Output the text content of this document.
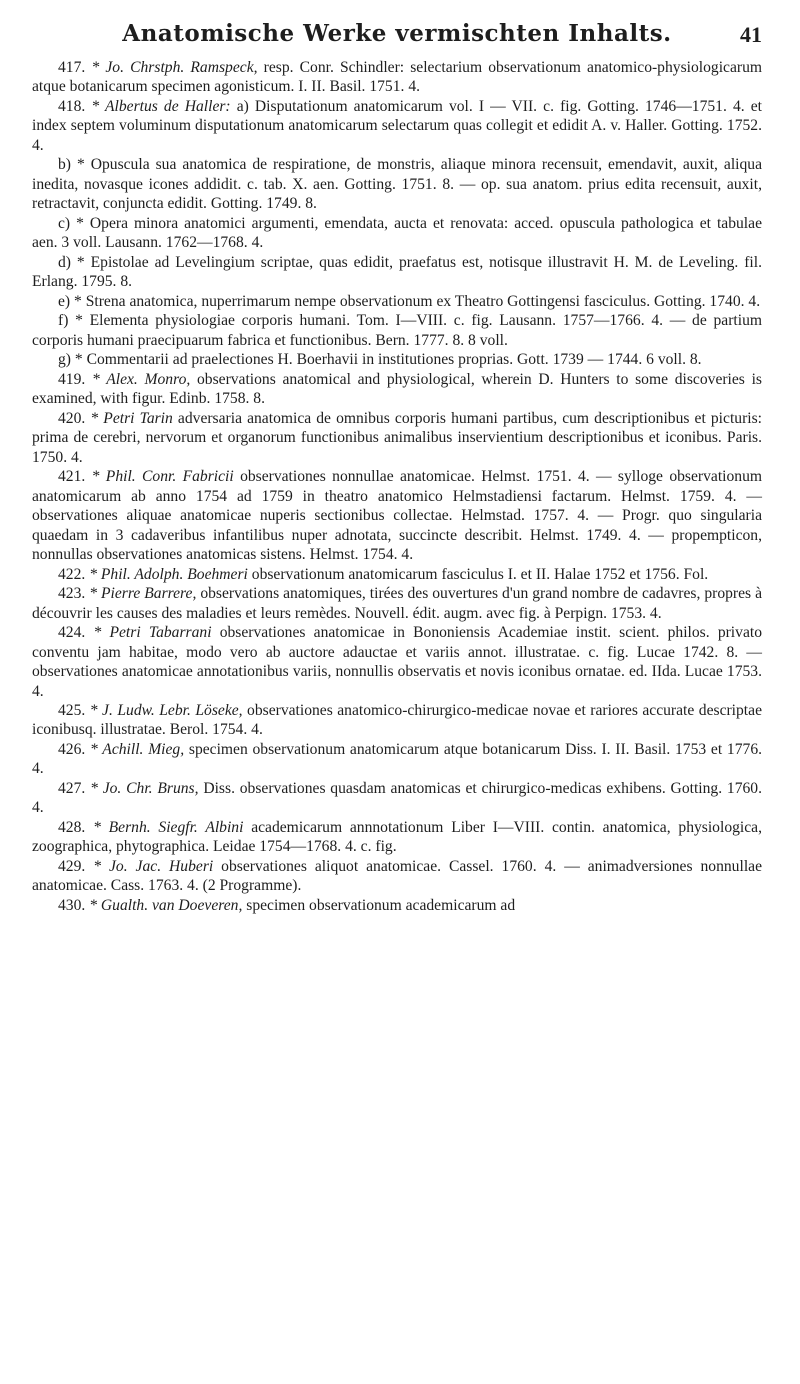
Anatomische Werke vermischten Inhalts.	41

417. * Jo. Chrstph. Ramspeck, resp. Conr. Schindler: selectarium observationum anatomico-physiologicarum atque botanicarum specimen agonisticum. I. II. Basil. 1751. 4.

418. * Albertus de Haller: a) Disputationum anatomicarum vol. I — VII. c. fig. Gotting. 1746—1751. 4. et index septem voluminum disputationum anatomicarum selectarum quas collegit et edidit A. v. Haller. Gotting. 1752. 4.

b) * Opuscula sua anatomica de respiratione, de monstris, aliaque minora recensuit, emendavit, auxit, aliqua inedita, novasque icones addidit. c. tab. X. aen. Gotting. 1751. 8. — op. sua anatom. prius edita recensuit, auxit, retractavit, conjuncta edidit. Gotting. 1749. 8.

c) * Opera minora anatomici argumenti, emendata, aucta et renovata: acced. opuscula pathologica et tabulae aen. 3 voll. Lausann. 1762—1768. 4.

d) * Epistolae ad Levelingium scriptae, quas edidit, praefatus est, notisque illustravit H. M. de Leveling. fil. Erlang. 1795. 8.

e) * Strena anatomica, nuperrimarum nempe observationum ex Theatro Gottingensi fasciculus. Gotting. 1740. 4.

f) * Elementa physiologiae corporis humani. Tom. I—VIII. c. fig. Lausann. 1757—1766. 4. — de partium corporis humani praecipuarum fabrica et functionibus. Bern. 1777. 8. 8 voll.

g) * Commentarii ad praelectiones H. Boerhavii in institutiones proprias. Gott. 1739 — 1744. 6 voll. 8.

419. * Alex. Monro, observations anatomical and physiological, wherein D. Hunters to some discoveries is examined, with figur. Edinb. 1758. 8.

420. * Petri Tarin adversaria anatomica de omnibus corporis humani partibus, cum descriptionibus et picturis: prima de cerebri, nervorum et organorum functionibus animalibus inservientium descriptionibus et iconibus. Paris. 1750. 4.

421. * Phil. Conr. Fabricii observationes nonnullae anatomicae. Helmst. 1751. 4. — sylloge observationum anatomicarum ab anno 1754 ad 1759 in theatro anatomico Helmstadiensi factarum. Helmst. 1759. 4. — observationes aliquae anatomicae nuperis sectionibus collectae. Helmstad. 1757. 4. — Progr. quo singularia quaedam in 3 cadaveribus infantilibus nuper adnotata, succincte describit. Helmst. 1749. 4. — propempticon, nonnullas observationes anatomicas sistens. Helmst. 1754. 4.

422. * Phil. Adolph. Boehmeri observationum anatomicarum fasciculus I. et II. Halae 1752 et 1756. Fol.

423. * Pierre Barrere, observations anatomiques, tirées des ouvertures d'un grand nombre de cadavres, propres à découvrir les causes des maladies et leurs remèdes. Nouvell. édit. augm. avec fig. à Perpign. 1753. 4.

424. * Petri Tabarrani observationes anatomicae in Bononiensis Academiae instit. scient. philos. privato conventu jam habitae, modo vero ab auctore adauctae et variis annot. illustratae. c. fig. Lucae 1742. 8. — observationes anatomicae annotationibus variis, nonnullis observatis et novis iconibus ornatae. ed. IIda. Lucae 1753. 4.

425. * J. Ludw. Lebr. Löseke, observationes anatomico-chirurgico-medicae novae et rariores accurate descriptae iconibusq. illustratae. Berol. 1754. 4.

426. * Achill. Mieg, specimen observationum anatomicarum atque botanicarum Diss. I. II. Basil. 1753 et 1776. 4.

427. * Jo. Chr. Bruns, Diss. observationes quasdam anatomicas et chirurgico-medicas exhibens. Gotting. 1760. 4.

428. * Bernh. Siegfr. Albini academicarum annnotationum Liber I—VIII. contin. anatomica, physiologica, zoographica, phytographica. Leidae 1754—1768. 4. c. fig.

429. * Jo. Jac. Huberi observationes aliquot anatomicae. Cassel. 1760. 4. — animadversiones nonnullae anatomicae. Cass. 1763. 4. (2 Programme).

430. * Gualth. van Doeveren, specimen observationum academicarum ad
